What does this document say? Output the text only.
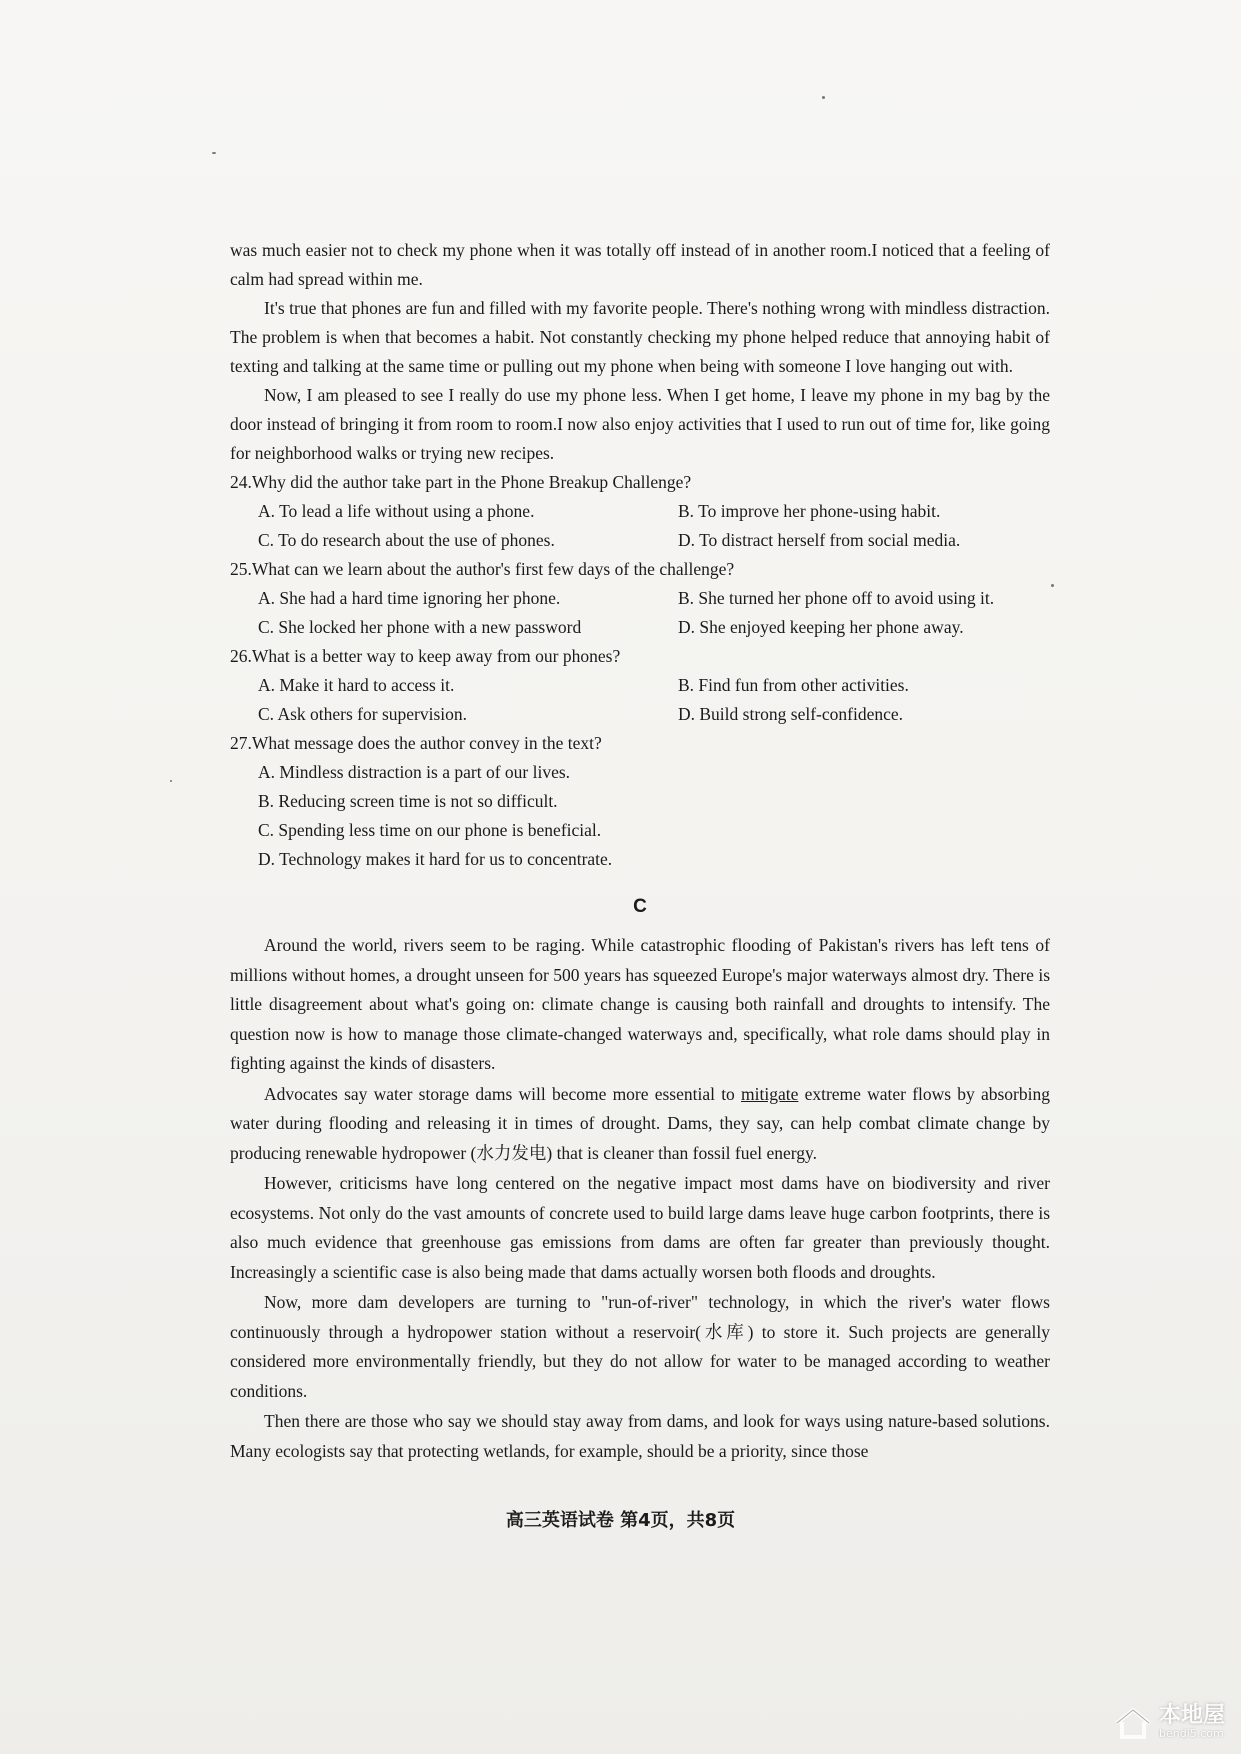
was much easier not to check my phone when it was totally off instead of in another room.I noticed that a feeling of calm had spread within me.

It's true that phones are fun and filled with my favorite people. There's nothing wrong with mindless distraction. The problem is when that becomes a habit. Not constantly checking my phone helped reduce that annoying habit of texting and talking at the same time or pulling out my phone when being with someone I love hanging out with.

Now, I am pleased to see I really do use my phone less. When I get home, I leave my phone in my bag by the door instead of bringing it from room to room.I now also enjoy activities that I used to run out of time for, like going for neighborhood walks or trying new recipes.

24.Why did the author take part in the Phone Breakup Challenge?
A. To lead a life without using a phone.	B. To improve her phone-using habit.
C. To do research about the use of phones.	D. To distract herself from social media.
25.What can we learn about the author's first few days of the challenge?
A. She had a hard time ignoring her phone.	B. She turned her phone off to avoid using it.
C. She locked her phone with a new password	D. She enjoyed keeping her phone away.
26.What is a better way to keep away from our phones?
A. Make it hard to access it.	B. Find fun from other activities.
C. Ask others for supervision.	D. Build strong self-confidence.
27.What message does the author convey in the text?
A. Mindless distraction is a part of our lives.
B. Reducing screen time is not so difficult.
C. Spending less time on our phone is beneficial.
D. Technology makes it hard for us to concentrate.
C

Around the world, rivers seem to be raging. While catastrophic flooding of Pakistan's rivers has left tens of millions without homes, a drought unseen for 500 years has squeezed Europe's major waterways almost dry. There is little disagreement about what's going on: climate change is causing both rainfall and droughts to intensify. The question now is how to manage those climate-changed waterways and, specifically, what role dams should play in fighting against the kinds of disasters.

Advocates say water storage dams will become more essential to mitigate extreme water flows by absorbing water during flooding and releasing it in times of drought. Dams, they say, can help combat climate change by producing renewable hydropower (水力发电) that is cleaner than fossil fuel energy.

However, criticisms have long centered on the negative impact most dams have on biodiversity and river ecosystems. Not only do the vast amounts of concrete used to build large dams leave huge carbon footprints, there is also much evidence that greenhouse gas emissions from dams are often far greater than previously thought. Increasingly a scientific case is also being made that dams actually worsen both floods and droughts.

Now, more dam developers are turning to "run-of-river" technology, in which the river's water flows continuously through a hydropower station without a reservoir(水库) to store it. Such projects are generally considered more environmentally friendly, but they do not allow for water to be managed according to weather conditions.

Then there are those who say we should stay away from dams, and look for ways using nature-based solutions. Many ecologists say that protecting wetlands, for example, should be a priority, since those

高三英语试卷 第4页，共8页
本地屋
bendi5.com
